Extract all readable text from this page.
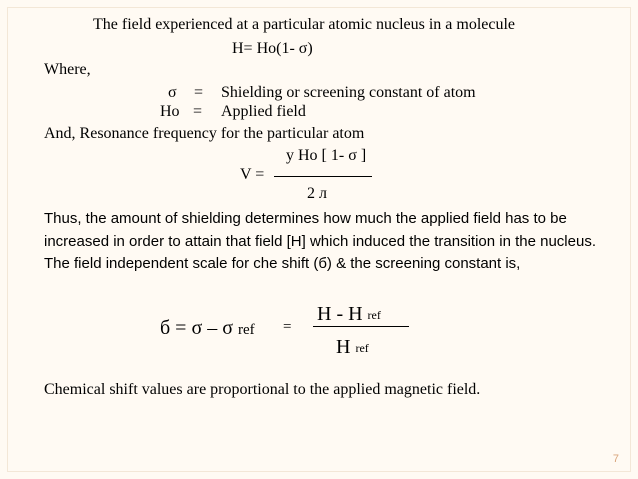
The field experienced at a particular atomic nucleus in a molecule
H= Ho(1- σ)
Where,
σ = Shielding or screening constant of atom
Ho = Applied field
And, Resonance frequency for the particular atom
y Ho [ 1- σ ]
V =
2 л
Thus, the amount of shielding determines how much the applied field has to be increased in order to attain that field [H] which induced the transition in the nucleus. The field independent scale for che shift (б) & the screening constant is,
б = σ – σ ref =
H - H ref
H ref
Chemical shift values are proportional to the applied magnetic field.
7
